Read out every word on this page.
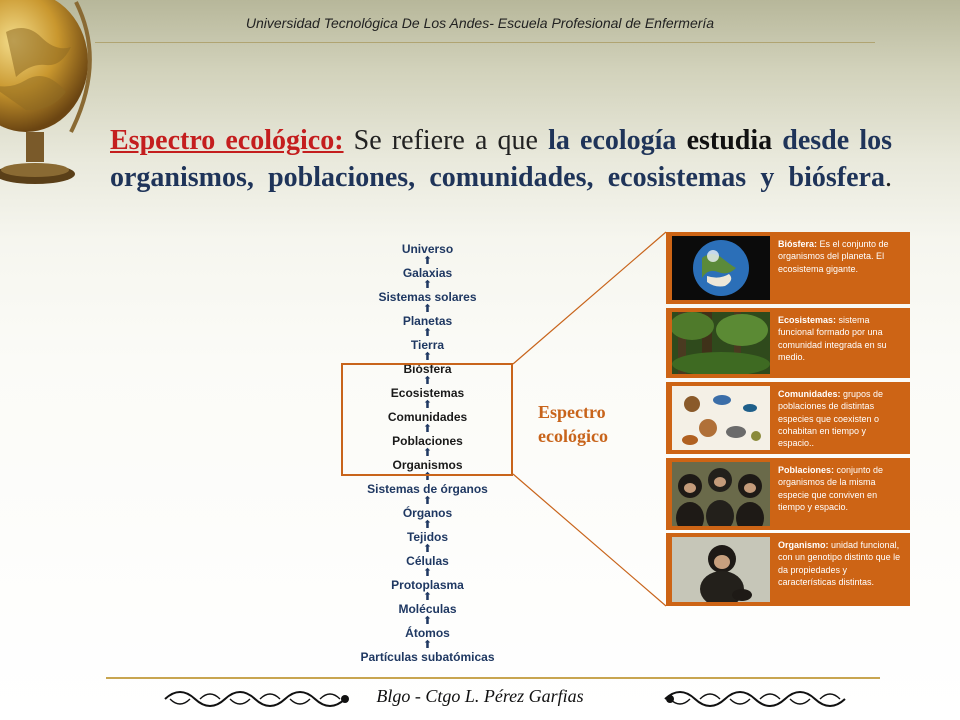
Universidad Tecnológica De Los Andes- Escuela Profesional de Enfermería
Espectro ecológico: Se refiere a que la ecología estudia desde los organismos, poblaciones, comunidades, ecosistemas y biósfera.
Universo
⬆
Galaxias
⬆
Sistemas solares
⬆
Planetas
⬆
Tierra
⬆
Biósfera
⬆
Ecosistemas
⬆
Comunidades
⬆
Poblaciones
⬆
Organismos
⬆
Sistemas de órganos
⬆
Órganos
⬆
Tejidos
⬆
Células
⬆
Protoplasma
⬆
Moléculas
⬆
Átomos
⬆
Partículas subatómicas
Espectro ecológico
Biósfera: Es el conjunto de organismos del planeta. El ecosistema gigante.
Ecosistemas: sistema funcional formado por una comunidad integrada en su medio.
Comunidades: grupos de poblaciones de distintas especies que coexisten o cohabitan en tiempo y espacio..
Poblaciones: conjunto de organismos de la misma especie que conviven en tiempo y espacio.
Organismo: unidad funcional, con un genotipo distinto que le da propiedades y características distintas.
Blgo - Ctgo L. Pérez Garfias
